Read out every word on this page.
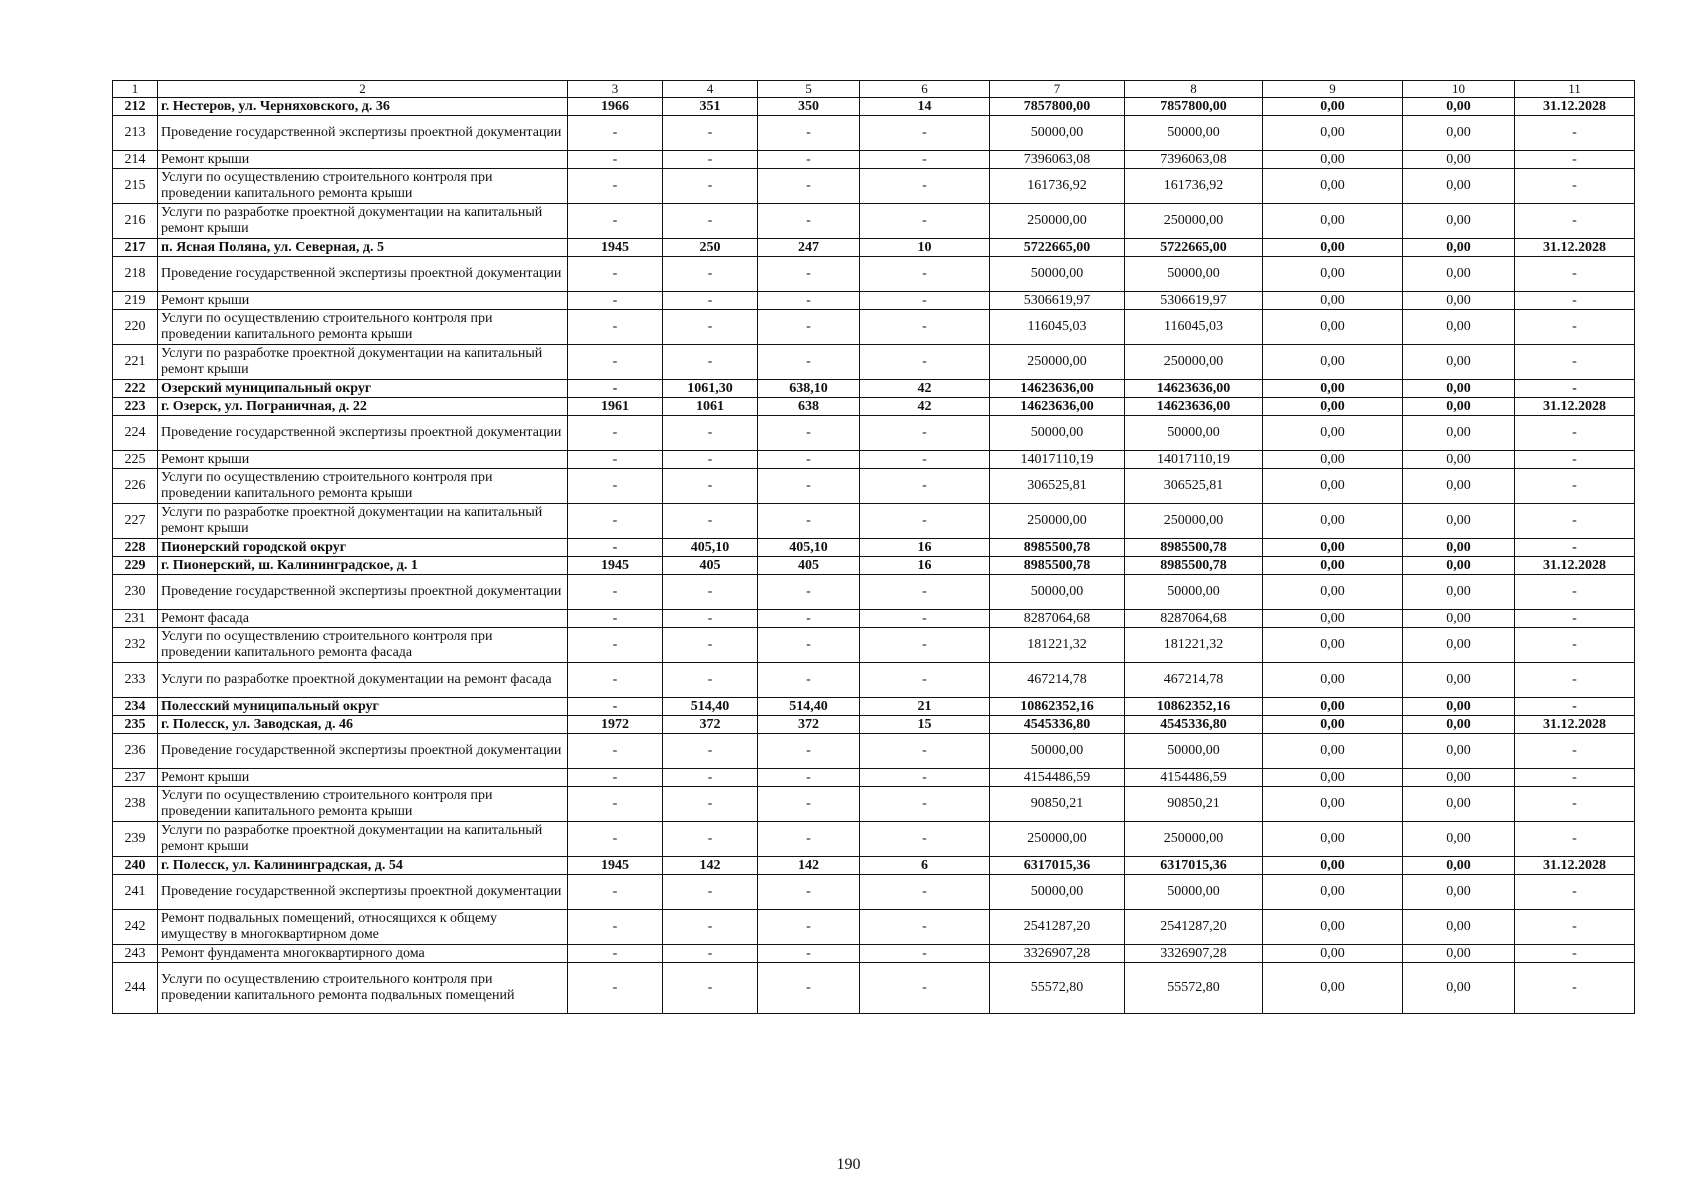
1	2	3	4	5	6	7	8	9	10	11
212	г. Нестеров, ул. Черняховского, д. 36	1966	351	350	14	7857800,00	7857800,00	0,00	0,00	31.12.2028
213	Проведение государственной экспертизы проектной документации	-	-	-	-	50000,00	50000,00	0,00	0,00	-
214	Ремонт крыши	-	-	-	-	7396063,08	7396063,08	0,00	0,00	-
215	Услуги по осуществлению строительного контроля при проведении капитального ремонта крыши	-	-	-	-	161736,92	161736,92	0,00	0,00	-
216	Услуги по разработке проектной документации на капитальный ремонт крыши	-	-	-	-	250000,00	250000,00	0,00	0,00	-
217	п. Ясная Поляна, ул. Северная, д. 5	1945	250	247	10	5722665,00	5722665,00	0,00	0,00	31.12.2028
218	Проведение государственной экспертизы проектной документации	-	-	-	-	50000,00	50000,00	0,00	0,00	-
219	Ремонт крыши	-	-	-	-	5306619,97	5306619,97	0,00	0,00	-
220	Услуги по осуществлению строительного контроля при проведении капитального ремонта крыши	-	-	-	-	116045,03	116045,03	0,00	0,00	-
221	Услуги по разработке проектной документации на капитальный ремонт крыши	-	-	-	-	250000,00	250000,00	0,00	0,00	-
222	Озерский муниципальный округ	-	1061,30	638,10	42	14623636,00	14623636,00	0,00	0,00	-
223	г. Озерск, ул. Пограничная, д. 22	1961	1061	638	42	14623636,00	14623636,00	0,00	0,00	31.12.2028
224	Проведение государственной экспертизы проектной документации	-	-	-	-	50000,00	50000,00	0,00	0,00	-
225	Ремонт крыши	-	-	-	-	14017110,19	14017110,19	0,00	0,00	-
226	Услуги по осуществлению строительного контроля при проведении капитального ремонта крыши	-	-	-	-	306525,81	306525,81	0,00	0,00	-
227	Услуги по разработке проектной документации на капитальный ремонт крыши	-	-	-	-	250000,00	250000,00	0,00	0,00	-
228	Пионерский городской округ	-	405,10	405,10	16	8985500,78	8985500,78	0,00	0,00	-
229	г. Пионерский, ш. Калининградское, д. 1	1945	405	405	16	8985500,78	8985500,78	0,00	0,00	31.12.2028
230	Проведение государственной экспертизы проектной документации	-	-	-	-	50000,00	50000,00	0,00	0,00	-
231	Ремонт фасада	-	-	-	-	8287064,68	8287064,68	0,00	0,00	-
232	Услуги по осуществлению строительного контроля при проведении капитального ремонта фасада	-	-	-	-	181221,32	181221,32	0,00	0,00	-
233	Услуги по разработке проектной документации на ремонт фасада	-	-	-	-	467214,78	467214,78	0,00	0,00	-
234	Полесский муниципальный округ	-	514,40	514,40	21	10862352,16	10862352,16	0,00	0,00	-
235	г. Полесск, ул. Заводская, д. 46	1972	372	372	15	4545336,80	4545336,80	0,00	0,00	31.12.2028
236	Проведение государственной экспертизы проектной документации	-	-	-	-	50000,00	50000,00	0,00	0,00	-
237	Ремонт крыши	-	-	-	-	4154486,59	4154486,59	0,00	0,00	-
238	Услуги по осуществлению строительного контроля при проведении капитального ремонта крыши	-	-	-	-	90850,21	90850,21	0,00	0,00	-
239	Услуги по разработке проектной документации на капитальный ремонт крыши	-	-	-	-	250000,00	250000,00	0,00	0,00	-
240	г. Полесск, ул. Калининградская, д. 54	1945	142	142	6	6317015,36	6317015,36	0,00	0,00	31.12.2028
241	Проведение государственной экспертизы проектной документации	-	-	-	-	50000,00	50000,00	0,00	0,00	-
242	Ремонт подвальных помещений, относящихся к общему имуществу в многоквартирном доме	-	-	-	-	2541287,20	2541287,20	0,00	0,00	-
243	Ремонт фундамента многоквартирного дома	-	-	-	-	3326907,28	3326907,28	0,00	0,00	-
244	Услуги по осуществлению строительного контроля при проведении капитального ремонта подвальных помещений	-	-	-	-	55572,80	55572,80	0,00	0,00	-
190
